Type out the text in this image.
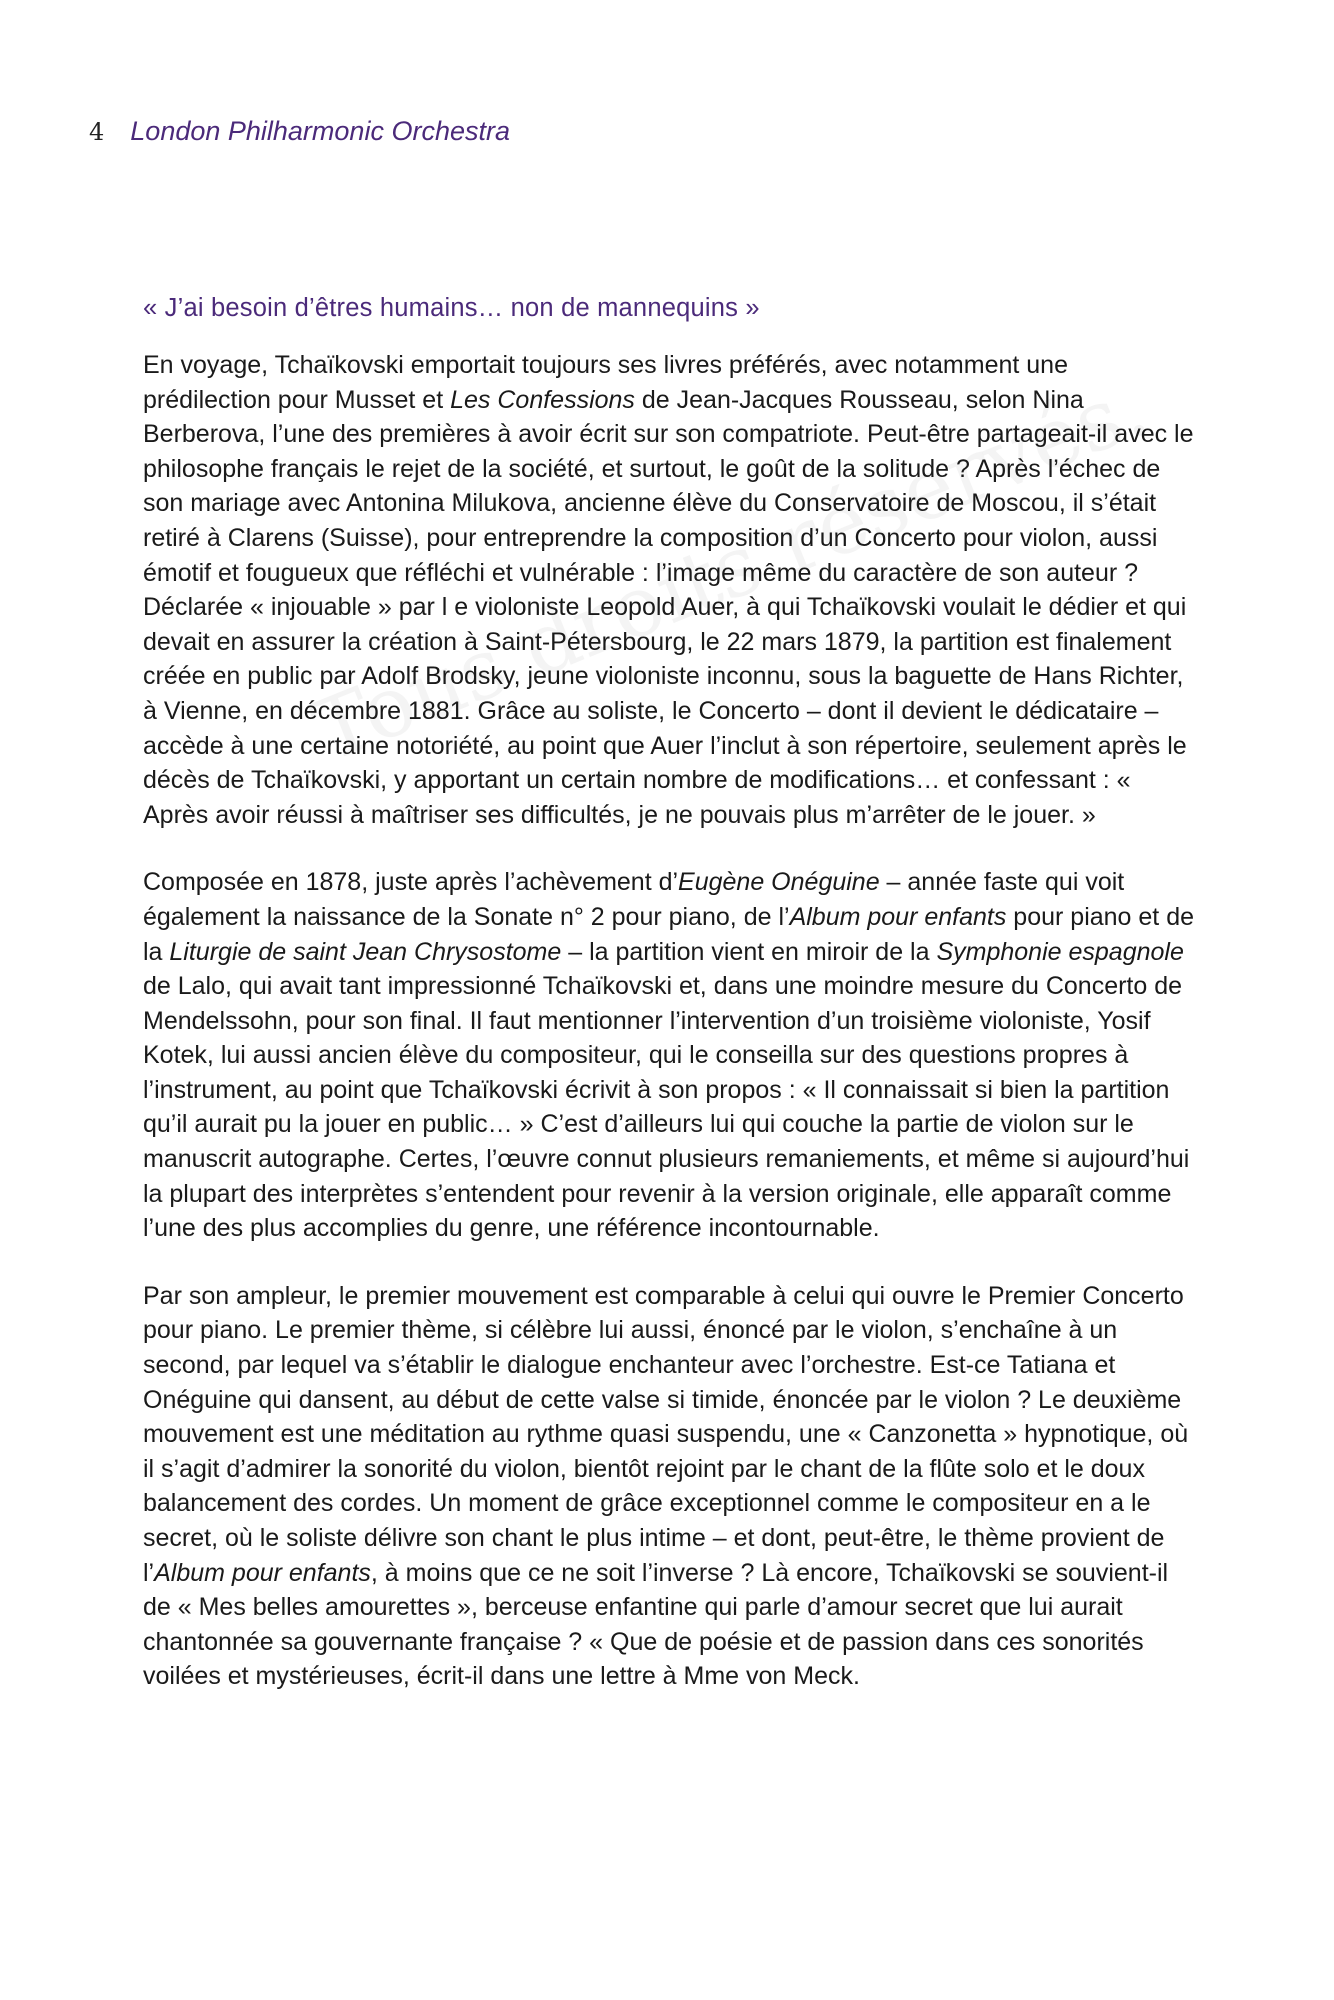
4 London Philharmonic Orchestra
« J’ai besoin d’êtres humains… non de mannequins »

En voyage, Tchaïkovski emportait toujours ses livres préférés, avec notamment une prédilection pour Musset et Les Confessions de Jean-Jacques Rousseau, selon Nina Berberova, l’une des premières à avoir écrit sur son compatriote. Peut-être partageait-il avec le philosophe français le rejet de la société, et surtout, le goût de la solitude ? Après l’échec de son mariage avec Antonina Milukova, ancienne élève du Conservatoire de Moscou, il s’était retiré à Clarens (Suisse), pour entreprendre la composition d’un Concerto pour violon, aussi émotif et fougueux que réfléchi et vulnérable : l’image même du caractère de son auteur ? Déclarée « injouable » par l e violoniste Leopold Auer, à qui Tchaïkovski voulait le dédier et qui devait en assurer la création à Saint-Pétersbourg, le 22 mars 1879, la partition est finalement créée en public par Adolf Brodsky, jeune violoniste inconnu, sous la baguette de Hans Richter, à Vienne, en décembre 1881. Grâce au soliste, le Concerto – dont il devient le dédicataire – accède à une certaine notoriété, au point que Auer l’inclut à son répertoire, seulement après le décès de Tchaïkovski, y apportant un certain nombre de modifications… et confessant : « Après avoir réussi à maîtriser ses difficultés, je ne pouvais plus m’arrêter de le jouer. »

Composée en 1878, juste après l’achèvement d’Eugène Onéguine – année faste qui voit également la naissance de la Sonate n° 2 pour piano, de l’Album pour enfants pour piano et de la Liturgie de saint Jean Chrysostome – la partition vient en miroir de la Symphonie espagnole de Lalo, qui avait tant impressionné Tchaïkovski et, dans une moindre mesure du Concerto de Mendelssohn, pour son final. Il faut mentionner l’intervention d’un troisième violoniste, Yosif Kotek, lui aussi ancien élève du compositeur, qui le conseilla sur des questions propres à l’instrument, au point que Tchaïkovski écrivit à son propos : « Il connaissait si bien la partition qu’il aurait pu la jouer en public… » C’est d’ailleurs lui qui couche la partie de violon sur le manuscrit autographe. Certes, l’œuvre connut plusieurs remaniements, et même si aujourd’hui la plupart des interprètes s’entendent pour revenir à la version originale, elle apparaît comme l’une des plus accomplies du genre, une référence incontournable.

Par son ampleur, le premier mouvement est comparable à celui qui ouvre le Premier Concerto pour piano. Le premier thème, si célèbre lui aussi, énoncé par le violon, s’enchaîne à un second, par lequel va s’établir le dialogue enchanteur avec l’orchestre. Est-ce Tatiana et Onéguine qui dansent, au début de cette valse si timide, énoncée par le violon ? Le deuxième mouvement est une méditation au rythme quasi suspendu, une « Canzonetta » hypnotique, où il s’agit d’admirer la sonorité du violon, bientôt rejoint par le chant de la flûte solo et le doux balancement des cordes. Un moment de grâce exceptionnel comme le compositeur en a le secret, où le soliste délivre son chant le plus intime – et dont, peut-être, le thème provient de l’Album pour enfants, à moins que ce ne soit l’inverse ? Là encore, Tchaïkovski se souvient-il de « Mes belles amourettes », berceuse enfantine qui parle d’amour secret que lui aurait chantonnée sa gouvernante française ? « Que de poésie et de passion dans ces sonorités voilées et mystérieuses, écrit-il dans une lettre à Mme von Meck.
